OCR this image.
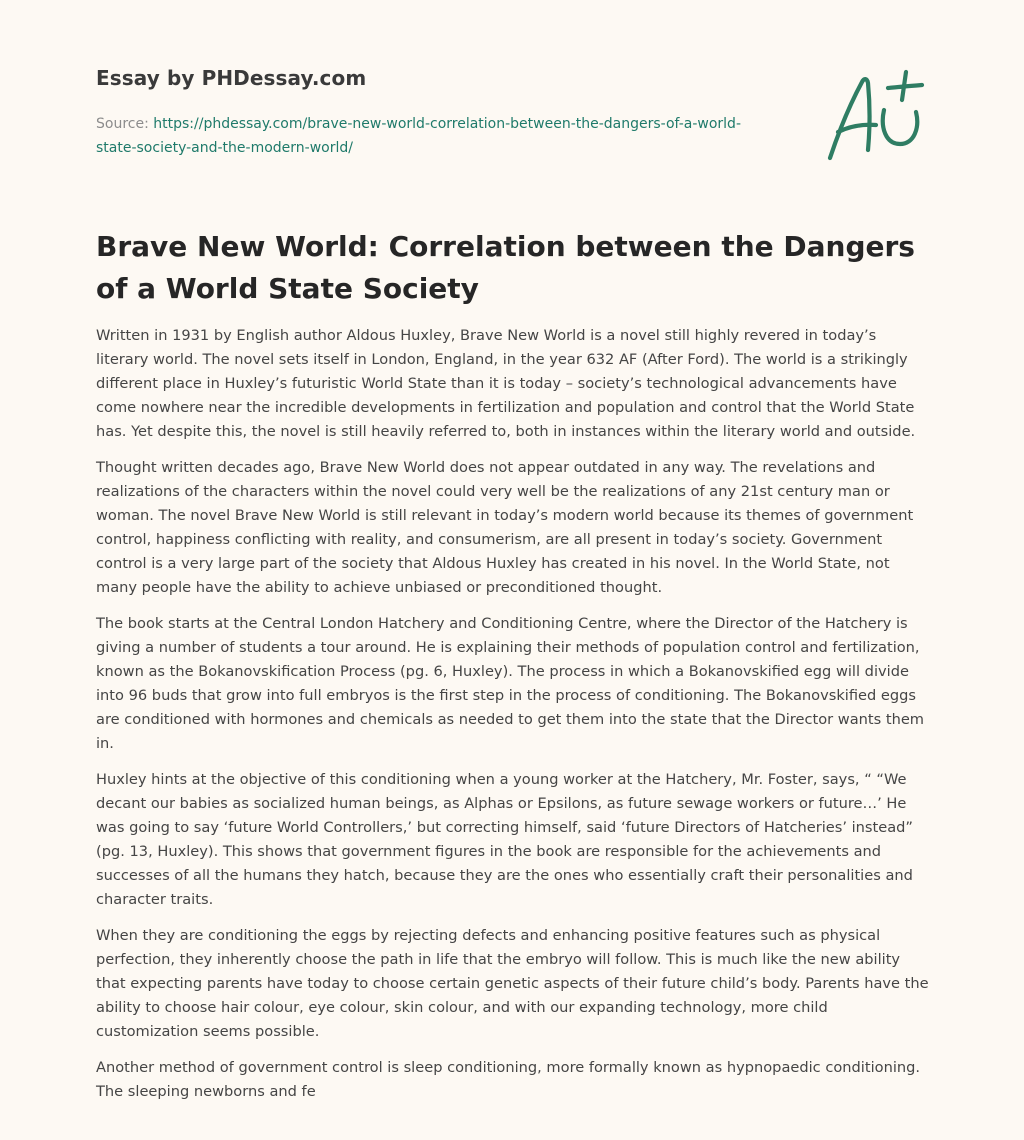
Essay by PHDessay.com
Source: https://phdessay.com/brave-new-world-correlation-between-the-dangers-of-a-world-state-society-and-the-modern-world/
Brave New World: Correlation between the Dangers of a World State Society

Written in 1931 by English author Aldous Huxley, Brave New World is a novel still highly revered in today’s literary world. The novel sets itself in London, England, in the year 632 AF (After Ford). The world is a strikingly different place in Huxley’s futuristic World State than it is today – society’s technological advancements have come nowhere near the incredible developments in fertilization and population and control that the World State has. Yet despite this, the novel is still heavily referred to, both in instances within the literary world and outside.

Thought written decades ago, Brave New World does not appear outdated in any way. The revelations and realizations of the characters within the novel could very well be the realizations of any 21st century man or woman. The novel Brave New World is still relevant in today’s modern world because its themes of government control, happiness conflicting with reality, and consumerism, are all present in today’s society. Government control is a very large part of the society that Aldous Huxley has created in his novel. In the World State, not many people have the ability to achieve unbiased or preconditioned thought.

The book starts at the Central London Hatchery and Conditioning Centre, where the Director of the Hatchery is giving a number of students a tour around. He is explaining their methods of population control and fertilization, known as the Bokanovskification Process (pg. 6, Huxley). The process in which a Bokanovskified egg will divide into 96 buds that grow into full embryos is the first step in the process of conditioning. The Bokanovskified eggs are conditioned with hormones and chemicals as needed to get them into the state that the Director wants them in.

Huxley hints at the objective of this conditioning when a young worker at the Hatchery, Mr. Foster, says, “ “We decant our babies as socialized human beings, as Alphas or Epsilons, as future sewage workers or future…’ He was going to say ‘future World Controllers,’ but correcting himself, said ‘future Directors of Hatcheries’ instead” (pg. 13, Huxley). This shows that government figures in the book are responsible for the achievements and successes of all the humans they hatch, because they are the ones who essentially craft their personalities and character traits.

When they are conditioning the eggs by rejecting defects and enhancing positive features such as physical perfection, they inherently choose the path in life that the embryo will follow. This is much like the new ability that expecting parents have today to choose certain genetic aspects of their future child’s body. Parents have the ability to choose hair colour, eye colour, skin colour, and with our expanding technology, more child customization seems possible.

Another method of government control is sleep conditioning, more formally known as hypnopaedic conditioning. The sleeping newborns and fe
